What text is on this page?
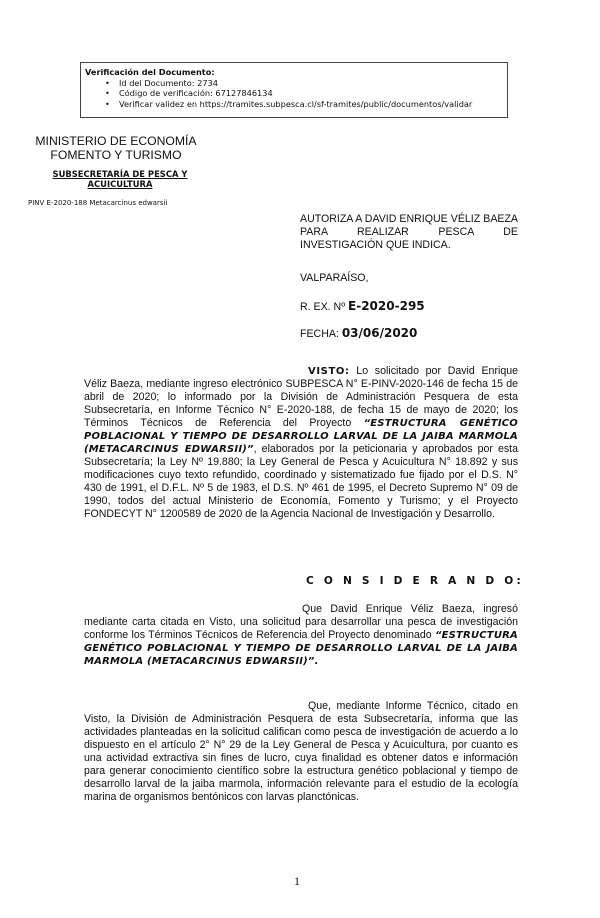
Verificación del Documento:
• Id del Documento: 2734
• Código de verificación: 67127846134
• Verificar validez en https://tramites.subpesca.cl/sf-tramites/public/documentos/validar
MINISTERIO DE ECONOMÍA
FOMENTO Y TURISMO
SUBSECRETARÍA DE PESCA Y ACUICULTURA
PINV E-2020-188 Metacarcinus edwarsii
AUTORIZA A DAVID ENRIQUE VÉLIZ BAEZA PARA REALIZAR PESCA DE INVESTIGACIÓN QUE INDICA.
VALPARAÍSO,
R. EX. Nº E-2020-295
FECHA: 03/06/2020
VISTO: Lo solicitado por David Enrique Véliz Baeza, mediante ingreso electrónico SUBPESCA N° E-PINV-2020-146 de fecha 15 de abril de 2020; lo informado por la División de Administración Pesquera de esta Subsecretaría, en Informe Técnico N° E-2020-188, de fecha 15 de mayo de 2020; los Términos Técnicos de Referencia del Proyecto “ESTRUCTURA GENÉTICO POBLACIONAL Y TIEMPO DE DESARROLLO LARVAL DE LA JAIBA MARMOLA (METACARCINUS EDWARSII)”, elaborados por la peticionaria y aprobados por esta Subsecretaría; la Ley Nº 19.880; la Ley General de Pesca y Acuicultura N° 18.892 y sus modificaciones cuyo texto refundido, coordinado y sistematizado fue fijado por el D.S. N° 430 de 1991, el D.F.L. Nº 5 de 1983, el D.S. Nº 461 de 1995, el Decreto Supremo N° 09 de 1990, todos del actual Ministerio de Economía, Fomento y Turismo; y el Proyecto FONDECYT N° 1200589 de 2020 de la Agencia Nacional de Investigación y Desarrollo.
C O N S I D E R A N D O:
Que David Enrique Véliz Baeza, ingresó mediante carta citada en Visto, una solicitud para desarrollar una pesca de investigación conforme los Términos Técnicos de Referencia del Proyecto denominado “ESTRUCTURA GENÉTICO POBLACIONAL Y TIEMPO DE DESARROLLO LARVAL DE LA JAIBA MARMOLA (METACARCINUS EDWARSII)”.
Que, mediante Informe Técnico, citado en Visto, la División de Administración Pesquera de esta Subsecretaría, informa que las actividades planteadas en la solicitud califican como pesca de investigación de acuerdo a lo dispuesto en el artículo 2° N° 29 de la Ley General de Pesca y Acuicultura, por cuanto es una actividad extractiva sin fines de lucro, cuya finalidad es obtener datos e información para generar conocimiento científico sobre la estructura genético poblacional y tiempo de desarrollo larval de la jaiba marmola, información relevante para el estudio de la ecología marina de organismos bentónicos con larvas planctónicas.
1
